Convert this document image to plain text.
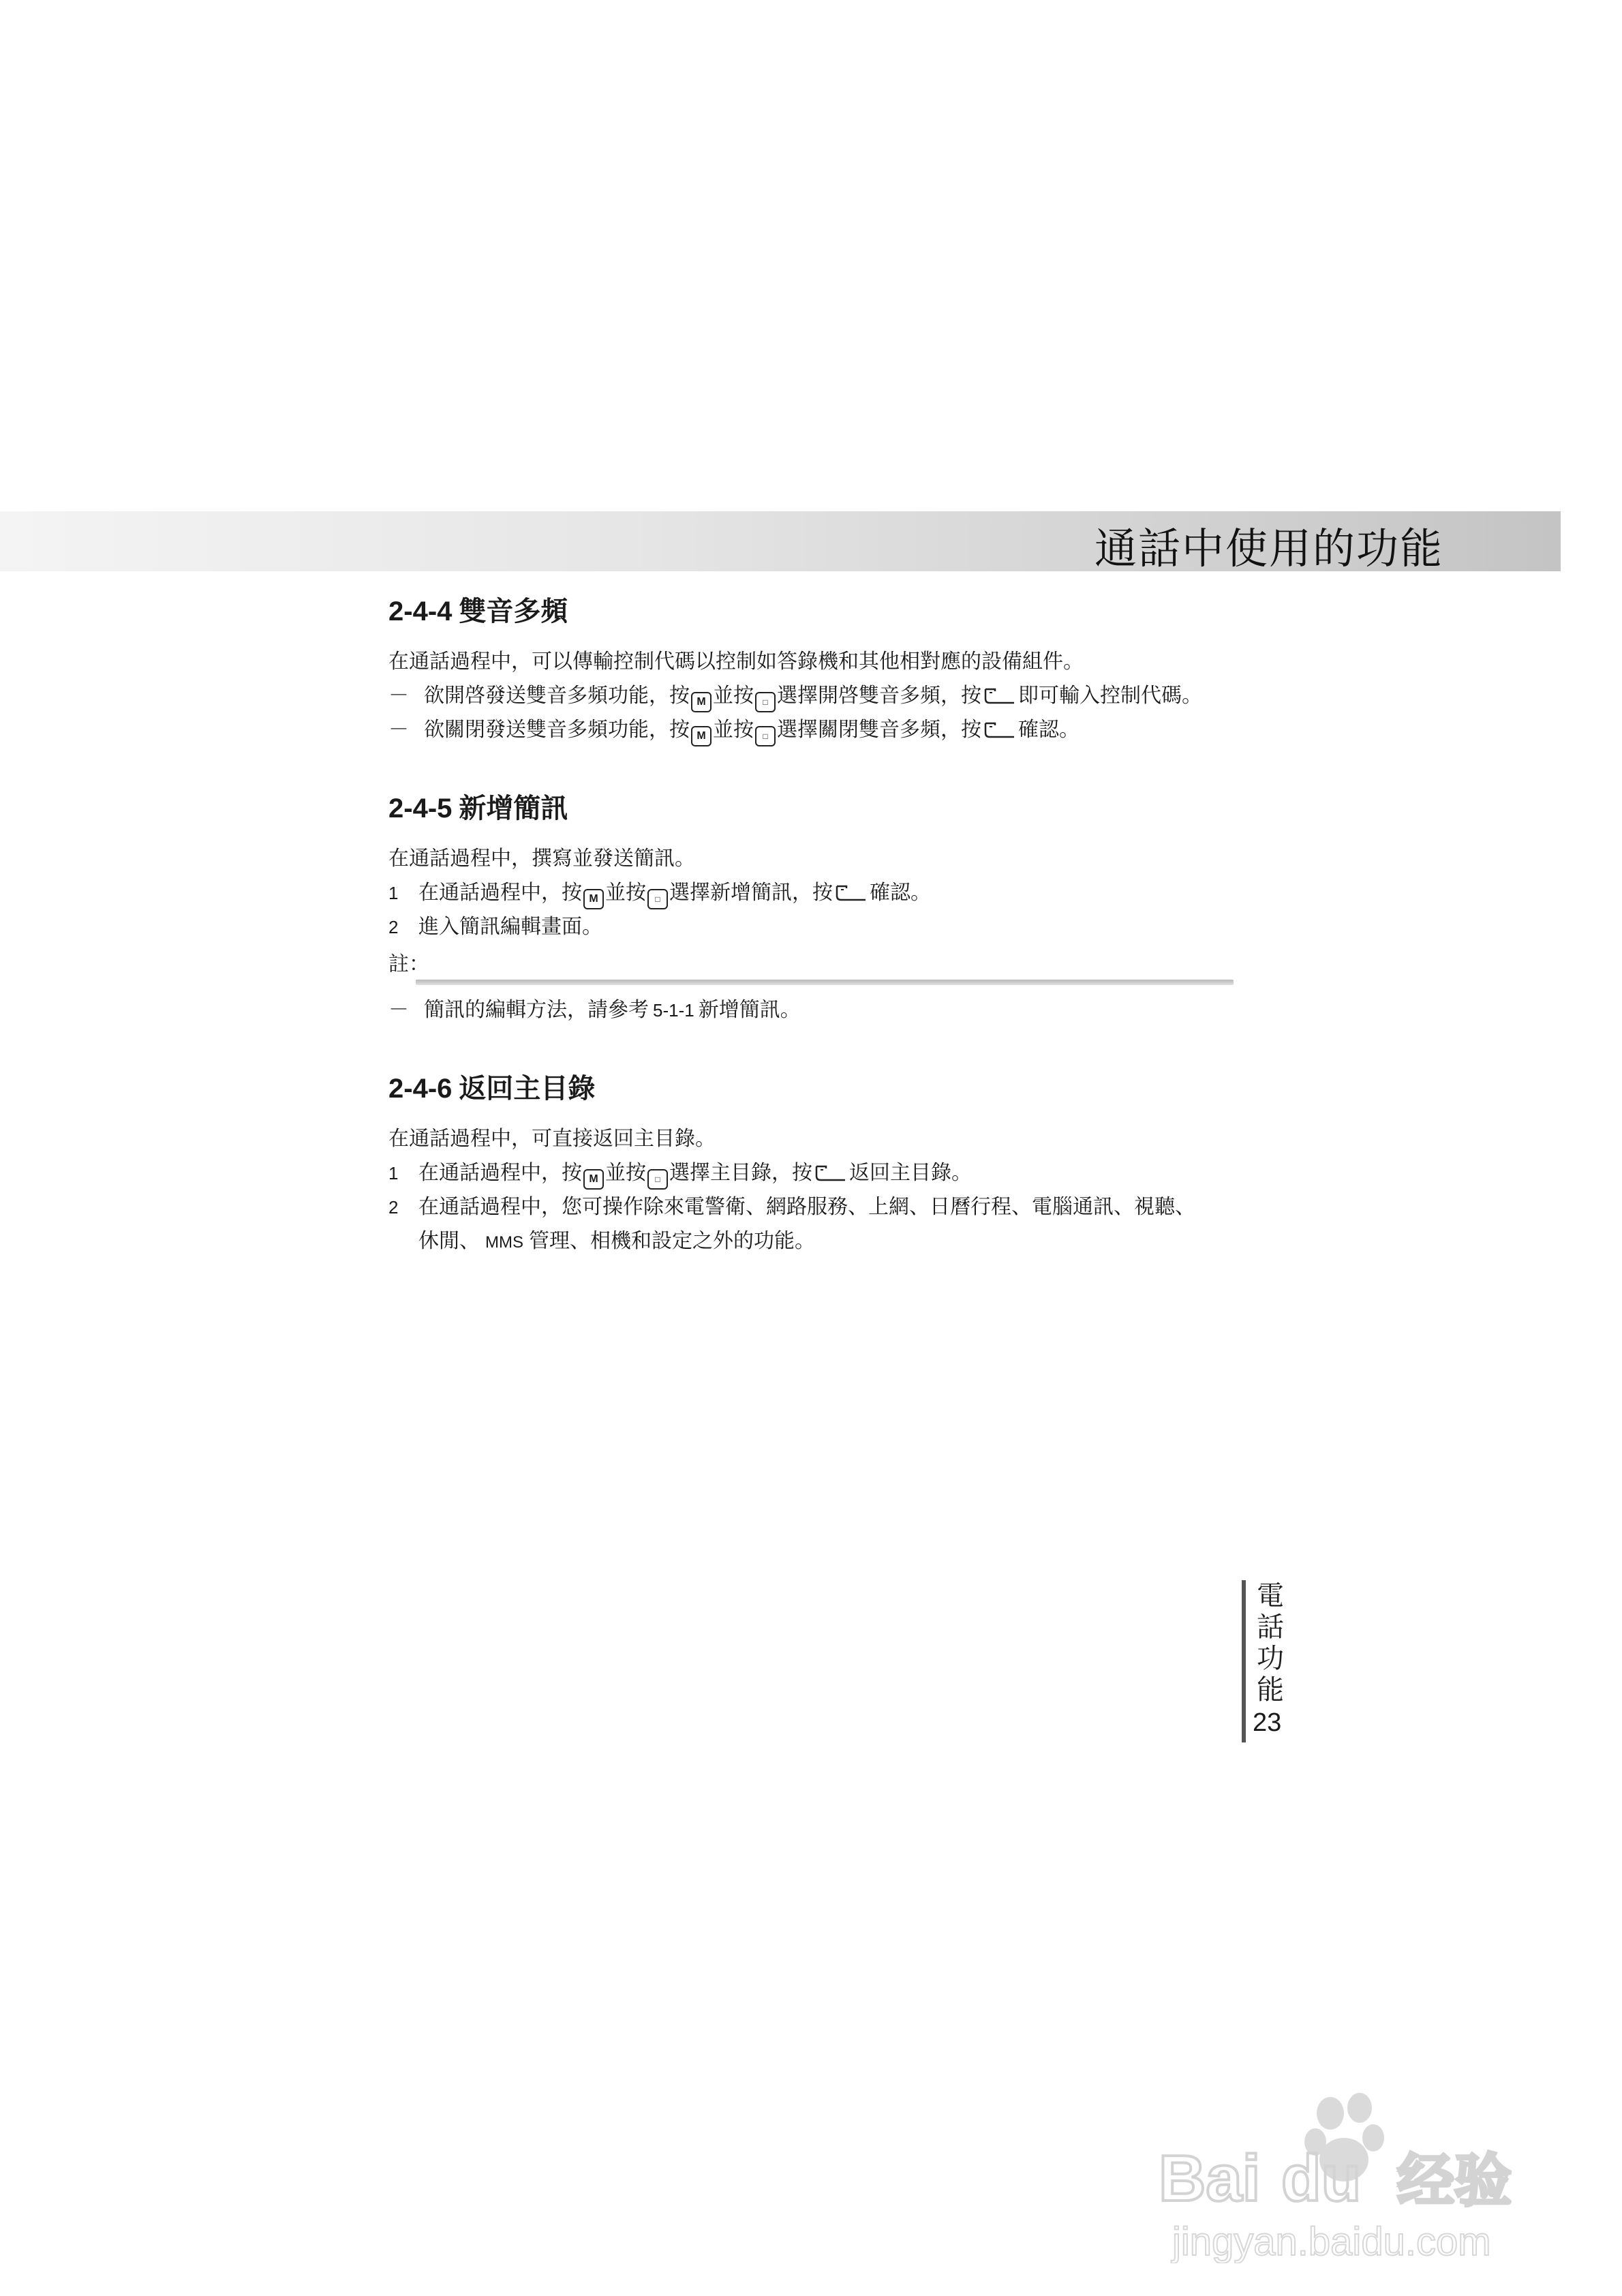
通話中使用的功能
2-4-4 雙音多頻

在通話過程中，可以傳輸控制代碼以控制如答錄機和其他相對應的設備組件。

－ 欲開啓發送雙音多頻功能，按 M 並按 □ 選擇開啓雙音多頻，按 即可輸入控制代碼。
－ 欲關閉發送雙音多頻功能，按 M 並按 □ 選擇關閉雙音多頻，按 確認。
2-4-5 新增簡訊

在通話過程中，撰寫並發送簡訊。

1 在通話過程中，按 M 並按 □ 選擇新增簡訊，按 確認。
2 進入簡訊編輯畫面。
註：
－ 簡訊的編輯方法，請參考 5-1-1 新增簡訊。
2-4-6 返回主目錄

在通話過程中，可直接返回主目錄。

1 在通話過程中，按 M 並按 □ 選擇主目錄，按 返回主目錄。
2 在通話過程中，您可操作除來電警衛、網路服務、上網、日曆行程、電腦通訊、視聽、
休閒、 MMS 管理、相機和設定之外的功能。
電話功能
23
Bai du 经验
jingyan.baidu.com
